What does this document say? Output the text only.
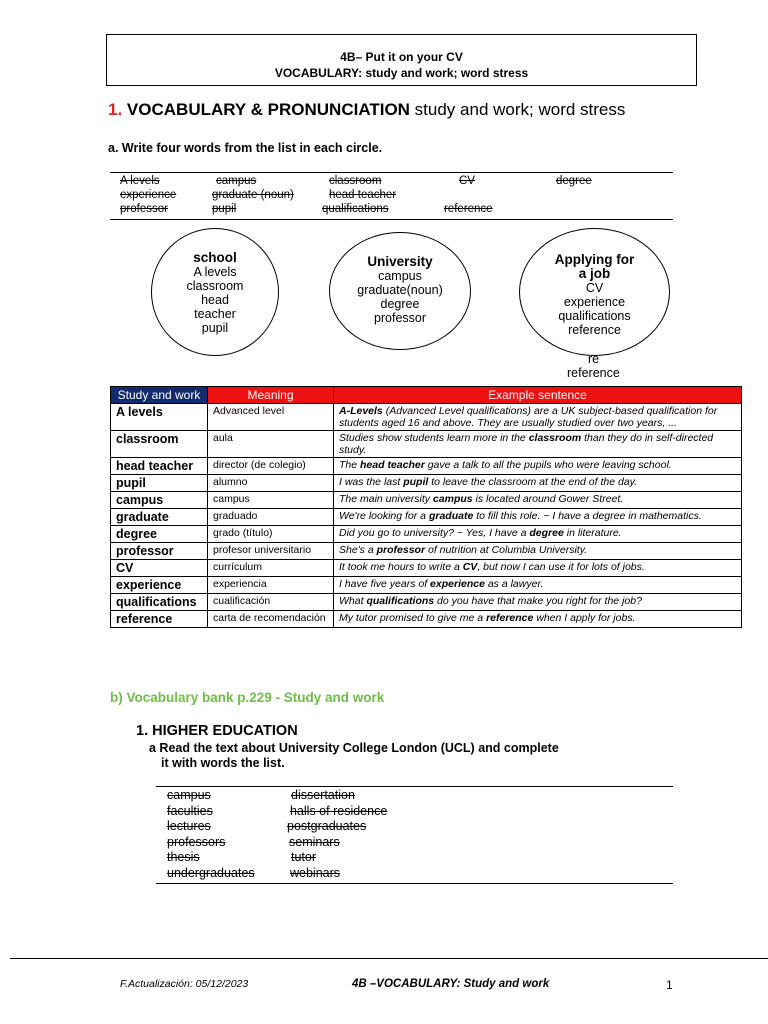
4B– Put it on your CV
VOCABULARY: study and work; word stress
1. VOCABULARY & PRONUNCIATION study and work; word stress
a. Write four words from the list in each circle.
A levels	campus	classroom	CV	degree
experience	graduate (noun)	head teacher
professor	pupil	qualifications	reference
school
A levels
classroom
head
teacher
pupil
University
campus
graduate(noun)
degree
professor
Applying for
a job
CV
experience
qualifications
reference
re
reference
Study and work	Meaning	Example sentence
A levels	Advanced level	A-Levels (Advanced Level qualifications) are a UK subject-based qualification for students aged 16 and above. They are usually studied over two years, ...
classroom	aula	Studies show students learn more in the classroom than they do in self-directed study.
head teacher	director (de colegio)	The head teacher gave a talk to all the pupils who were leaving school.
pupil	alumno	I was the last pupil to leave the classroom at the end of the day.
campus	campus	The main university campus is located around Gower Street.
graduate	graduado	We're looking for a graduate to fill this role. ~ I have a degree in mathematics.
degree	grado (título)	Did you go to university? ~ Yes, I have a degree in literature.
professor	profesor universitario	She's a professor of nutrition at Columbia University.
CV	currículum	It took me hours to write a CV, but now I can use it for lots of jobs.
experience	experiencia	I have five years of experience as a lawyer.
qualifications	cualificación	What qualifications do you have that make you right for the job?
reference	carta de recomendación	My tutor promised to give me a reference when I apply for jobs.
b) Vocabulary bank p.229 - Study and work
1. HIGHER EDUCATION
a Read the text about University College London (UCL) and complete
it with words the list.
campus	dissertation
faculties	halls of residence
lectures	postgraduates
professors	seminars
thesis	tutor
undergraduates	webinars
F.Actualización: 05/12/2023	4B –VOCABULARY: Study and work	1
